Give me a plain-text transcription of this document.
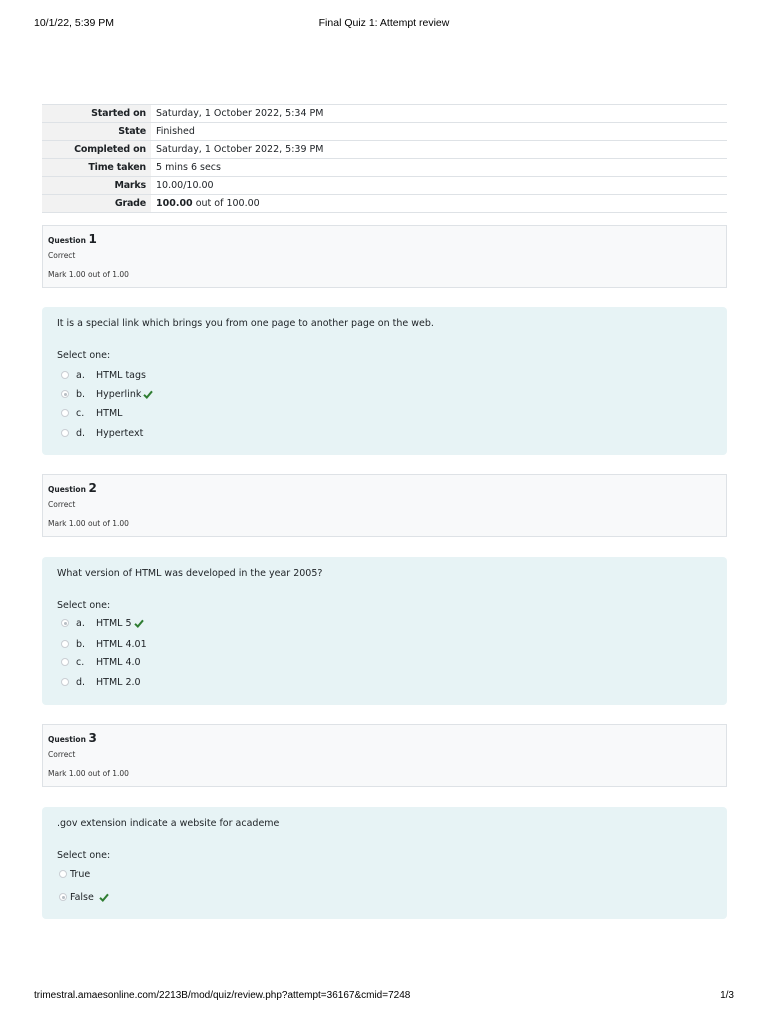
10/1/22, 5:39 PM	Final Quiz 1: Attempt review
Started on	Saturday, 1 October 2022, 5:34 PM
State	Finished
Completed on	Saturday, 1 October 2022, 5:39 PM
Time taken	5 mins 6 secs
Marks	10.00/10.00
Grade	100.00 out of 100.00
Question 1
Correct
Mark 1.00 out of 1.00
It is a special link which brings you from one page to another page on the web.
Select one:
a.	HTML tags
b.	Hyperlink
c.	HTML
d.	Hypertext
Question 2
Correct
Mark 1.00 out of 1.00
What version of HTML was developed in the year 2005?
Select one:
a.	HTML 5
b.	HTML 4.01
c.	HTML 4.0
d.	HTML 2.0
Question 3
Correct
Mark 1.00 out of 1.00
.gov extension indicate a website for academe
Select one:
True
False
trimestral.amaesonline.com/2213B/mod/quiz/review.php?attempt=36167&cmid=7248	1/3
